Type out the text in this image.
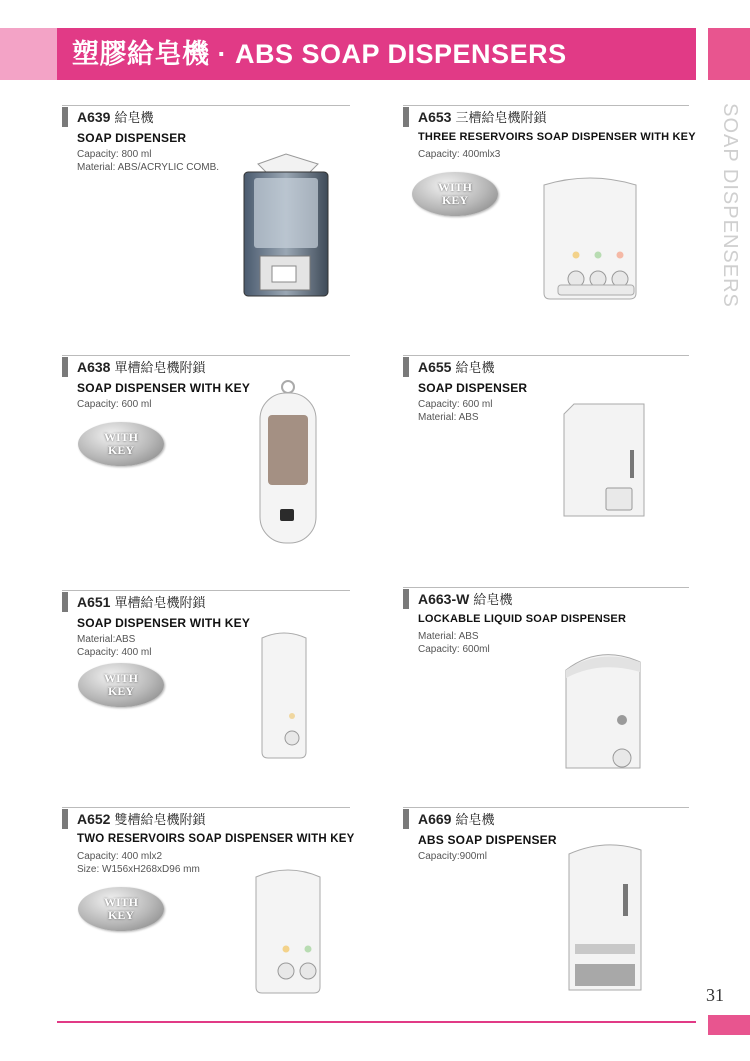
塑膠給皂機 · ABS SOAP DISPENSERS
SOAP DISPENSERS
A639 給皂機
SOAP DISPENSER
Capacity: 800 ml
Material: ABS/ACRYLIC COMB.
A653 三槽給皂機附鎖
THREE RESERVOIRS SOAP DISPENSER WITH KEY
Capacity: 400mlx3
WITH
KEY
A638 單槽給皂機附鎖
SOAP DISPENSER WITH KEY
Capacity: 600 ml
WITH
KEY
A655 給皂機
SOAP DISPENSER
Capacity: 600 ml
Material: ABS
A651 單槽給皂機附鎖
SOAP DISPENSER WITH KEY
Material:ABS
Capacity: 400 ml
WITH
KEY
A663-W 給皂機
LOCKABLE LIQUID SOAP DISPENSER
Material: ABS
Capacity: 600ml
A652 雙槽給皂機附鎖
TWO RESERVOIRS SOAP DISPENSER WITH KEY
Capacity: 400 mlx2
Size: W156xH268xD96 mm
WITH
KEY
A669 給皂機
ABS SOAP DISPENSER
Capacity:900ml
31
